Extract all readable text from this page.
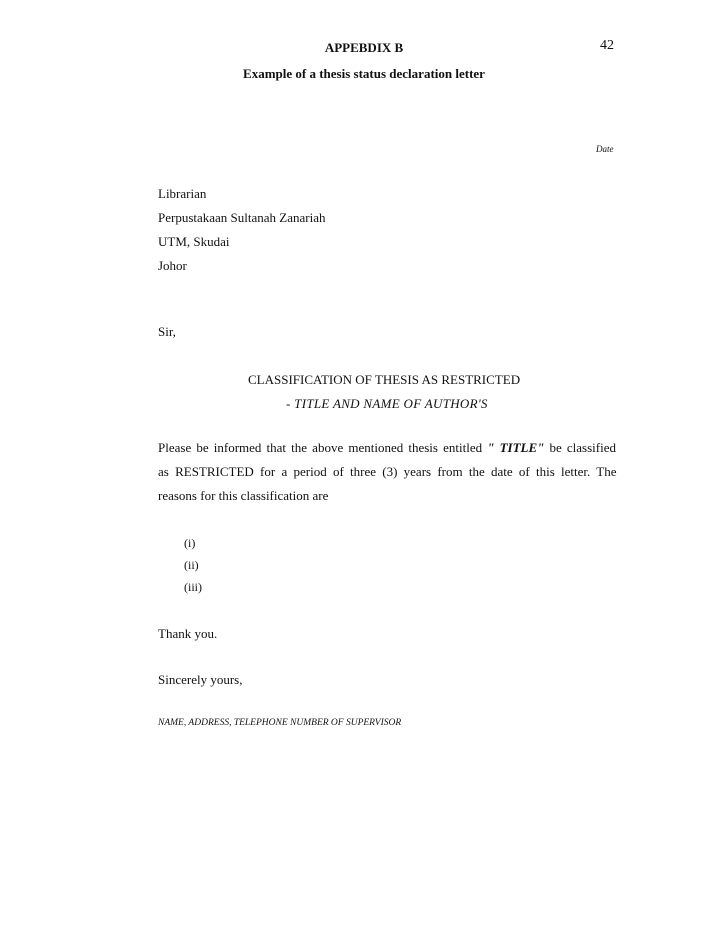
APPEBDIX B	42
Example of a thesis status declaration letter
Date
Librarian
Perpustakaan Sultanah Zanariah
UTM, Skudai
Johor
Sir,
CLASSIFICATION OF THESIS AS RESTRICTED
- TITLE AND NAME OF AUTHOR'S
Please be informed that the above mentioned thesis entitled " TITLE" be classified
as RESTRICTED for a period of three (3) years from the date of this letter. The
reasons for this classification are
(i)
(ii)
(iii)
Thank you.
Sincerely yours,
NAME, ADDRESS, TELEPHONE NUMBER OF SUPERVISOR
